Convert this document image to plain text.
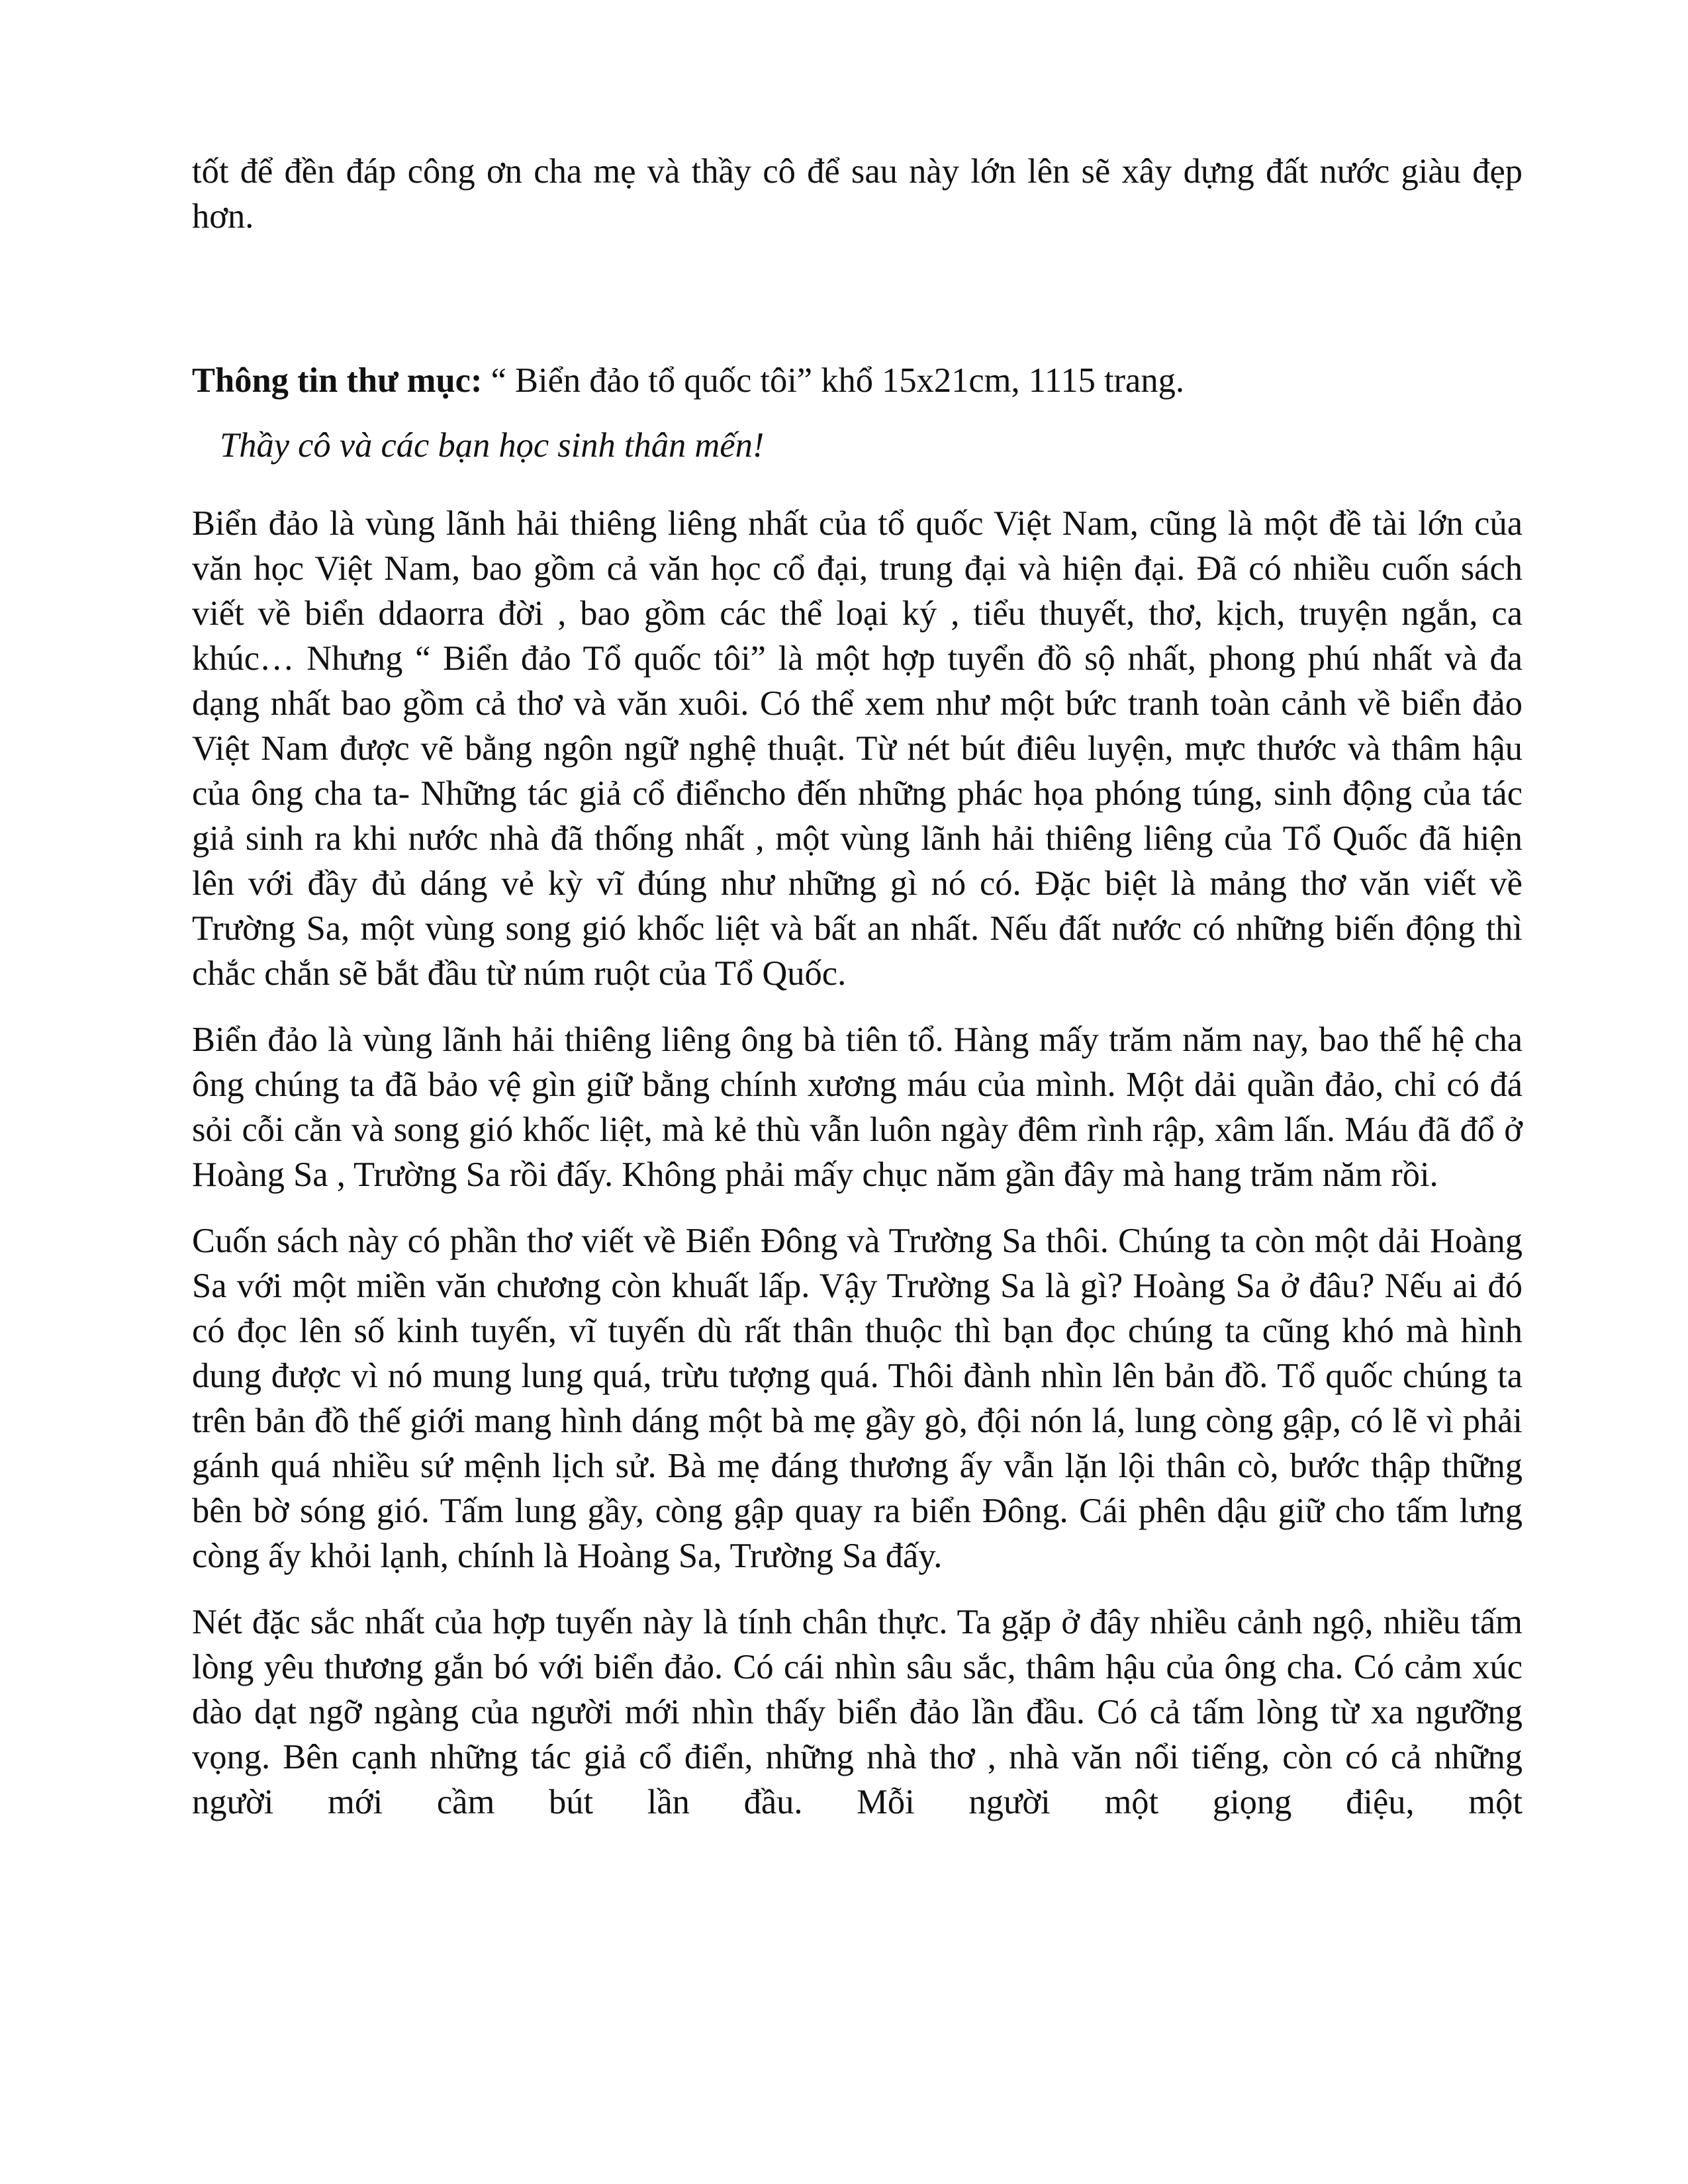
tốt để đền đáp công ơn cha mẹ và thầy cô để sau này lớn lên sẽ xây dựng đất nước giàu đẹp hơn.

Thông tin thư mục: “ Biển đảo tổ quốc tôi” khổ 15x21cm, 1115 trang.

Thầy cô và các bạn học sinh thân mến!

Biển đảo là vùng lãnh hải thiêng liêng nhất của tổ quốc Việt Nam, cũng là một đề tài lớn của văn học Việt Nam, bao gồm cả văn học cổ đại, trung đại và hiện đại. Đã có nhiều cuốn sách viết về biển ddaorra đời , bao gồm các thể loại ký , tiểu thuyết, thơ, kịch, truyện ngắn, ca khúc… Nhưng “ Biển đảo Tổ quốc tôi” là một hợp tuyển đồ sộ nhất, phong phú nhất và đa dạng nhất bao gồm cả thơ và văn xuôi. Có thể xem như một bức tranh toàn cảnh về biển đảo Việt Nam được vẽ bằng ngôn ngữ nghệ thuật. Từ nét bút điêu luyện, mực thước và thâm hậu của ông cha ta- Những tác giả cổ điểncho đến những phác họa phóng túng, sinh động của tác giả sinh ra khi nước nhà đã thống nhất , một vùng lãnh hải thiêng liêng của Tổ Quốc đã hiện lên với đầy đủ dáng vẻ kỳ vĩ đúng như những gì nó có. Đặc biệt là mảng thơ văn viết về Trường Sa, một vùng song gió khốc liệt và bất an nhất. Nếu đất nước có những biến động thì chắc chắn sẽ bắt đầu từ núm ruột của Tổ Quốc.

Biển đảo là vùng lãnh hải thiêng liêng ông bà tiên tổ. Hàng mấy trăm năm nay, bao thế hệ cha ông chúng ta đã bảo vệ gìn giữ bằng chính xương máu của mình. Một dải quần đảo, chỉ có đá sỏi cỗi cằn và song gió khốc liệt, mà kẻ thù vẫn luôn ngày đêm rình rập, xâm lấn. Máu đã đổ ở Hoàng Sa , Trường Sa rồi đấy. Không phải mấy chục năm gần đây mà hang trăm năm rồi.

Cuốn sách này có phần thơ viết về Biển Đông và Trường Sa thôi. Chúng ta còn một dải Hoàng Sa với một miền văn chương còn khuất lấp. Vậy Trường Sa là gì? Hoàng Sa ở đâu? Nếu ai đó có đọc lên số kinh tuyến, vĩ tuyến dù rất thân thuộc thì bạn đọc chúng ta cũng khó mà hình dung được vì nó mung lung quá, trừu tượng quá. Thôi đành nhìn lên bản đồ. Tổ quốc chúng ta trên bản đồ thế giới mang hình dáng một bà mẹ gầy gò, đội nón lá, lung còng gập, có lẽ vì phải gánh quá nhiều sứ mệnh lịch sử. Bà mẹ đáng thương ấy vẫn lặn lội thân cò, bước thập thững bên bờ sóng gió. Tấm lung gầy, còng gập quay ra biển Đông. Cái phên dậu giữ cho tấm lưng còng ấy khỏi lạnh, chính là Hoàng Sa, Trường Sa đấy.

Nét đặc sắc nhất của hợp tuyến này là tính chân thực. Ta gặp ở đây nhiều cảnh ngộ, nhiều tấm lòng yêu thương gắn bó với biển đảo. Có cái nhìn sâu sắc, thâm hậu của ông cha. Có cảm xúc dào dạt ngỡ ngàng của người mới nhìn thấy biển đảo lần đầu. Có cả tấm lòng từ xa ngưỡng vọng. Bên cạnh những tác giả cổ điển, những nhà thơ , nhà văn nổi tiếng, còn có cả những người mới cầm bút lần đầu. Mỗi người một giọng điệu, một
